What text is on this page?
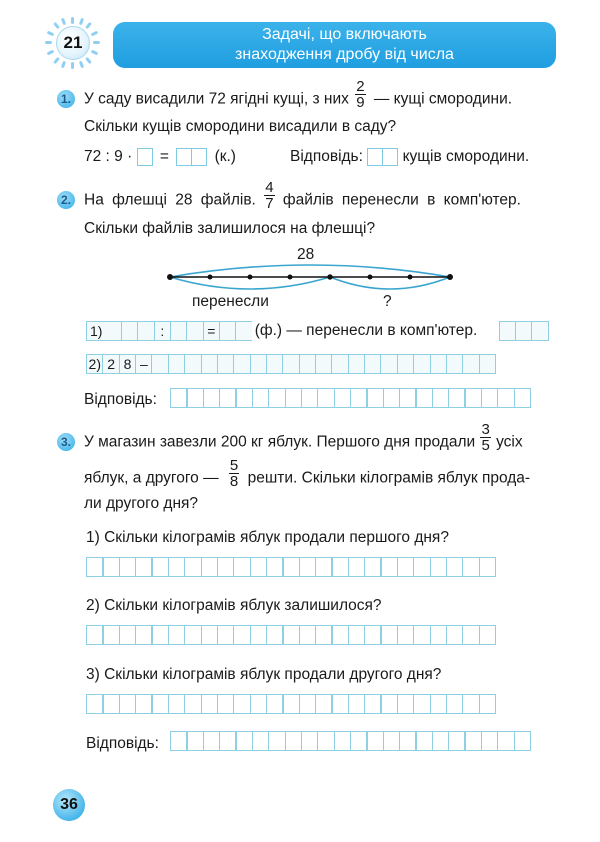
Задачі, що включають
знаходження дробу від числа
21
1. У саду висадили 72 ягідні кущі, з них $\frac{2}{9}$ — кущі смородини.
Скільки кущів смородини висадили в саду?
72 : 9 · =	(к.)	Відповідь:	кущів смородини.
2. На флешці 28 файлів. $\frac{4}{7}$ файлів перенесли в комп'ютер.
Скільки файлів залишилося на флешці?
28
перенесли	?
1)	:	=	(ф.) — перенесли в комп'ютер.
2) 2 8 –
Відповідь:
3. У магазин завезли 200 кг яблук. Першого дня продали $\frac{3}{5}$ усіх
яблук, а другого — $\frac{5}{8}$ решти. Скільки кілограмів яблук прода-
ли другого дня?
1) Скільки кілограмів яблук продали першого дня?
2) Скільки кілограмів яблук залишилося?
3) Скільки кілограмів яблук продали другого дня?
Відповідь:
36
